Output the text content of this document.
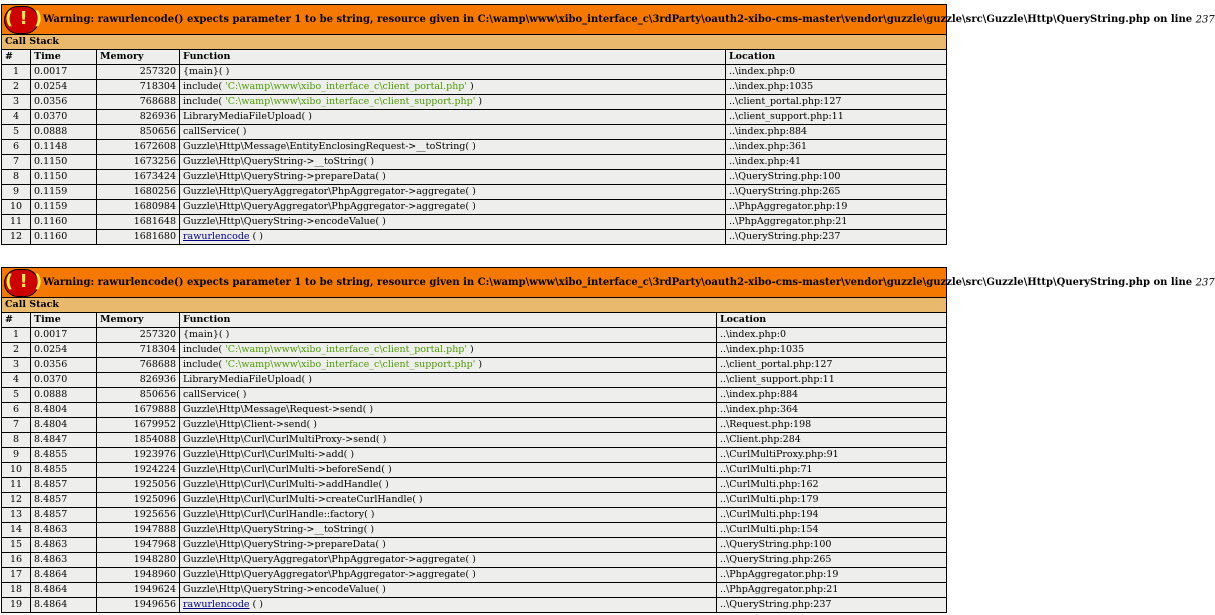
( ! )Warning: rawurlencode() expects parameter 1 to be string, resource given in C:\wamp\www\xibo_interface_c\3rdParty\oauth2-xibo-cms-master\vendor\guzzle\guzzle\src\Guzzle\Http\QueryString.php on line 237				
Call Stack				
#	Time	Memory	Function	Location
1	0.0017	257320	{main}( )	..\index.php:0
2	0.0254	718304	include( 'C:\wamp\www\xibo_interface_c\client_portal.php' )	..\index.php:1035
3	0.0356	768688	include( 'C:\wamp\www\xibo_interface_c\client_support.php' )	..\client_portal.php:127
4	0.0370	826936	LibraryMediaFileUpload( )	..\client_support.php:11
5	0.0888	850656	callService( )	..\index.php:884
6	0.1148	1672608	Guzzle\Http\Message\EntityEnclosingRequest->__toString( )	..\index.php:361
7	0.1150	1673256	Guzzle\Http\QueryString->__toString( )	..\index.php:41
8	0.1150	1673424	Guzzle\Http\QueryString->prepareData( )	..\QueryString.php:100
9	0.1159	1680256	Guzzle\Http\QueryAggregator\PhpAggregator->aggregate( )	..\QueryString.php:265
10	0.1159	1680984	Guzzle\Http\QueryAggregator\PhpAggregator->aggregate( )	..\PhpAggregator.php:19
11	0.1160	1681648	Guzzle\Http\QueryString->encodeValue( )	..\PhpAggregator.php:21
12	0.1160	1681680	rawurlencode ( )	..\QueryString.php:237
( ! )Warning: rawurlencode() expects parameter 1 to be string, resource given in C:\wamp\www\xibo_interface_c\3rdParty\oauth2-xibo-cms-master\vendor\guzzle\guzzle\src\Guzzle\Http\QueryString.php on line 237				
Call Stack				
#	Time	Memory	Function	Location
1	0.0017	257320	{main}( )	..\index.php:0
2	0.0254	718304	include( 'C:\wamp\www\xibo_interface_c\client_portal.php' )	..\index.php:1035
3	0.0356	768688	include( 'C:\wamp\www\xibo_interface_c\client_support.php' )	..\client_portal.php:127
4	0.0370	826936	LibraryMediaFileUpload( )	..\client_support.php:11
5	0.0888	850656	callService( )	..\index.php:884
6	8.4804	1679888	Guzzle\Http\Message\Request->send( )	..\index.php:364
7	8.4804	1679952	Guzzle\Http\Client->send( )	..\Request.php:198
8	8.4847	1854088	Guzzle\Http\Curl\CurlMultiProxy->send( )	..\Client.php:284
9	8.4855	1923976	Guzzle\Http\Curl\CurlMulti->add( )	..\CurlMultiProxy.php:91
10	8.4855	1924224	Guzzle\Http\Curl\CurlMulti->beforeSend( )	..\CurlMulti.php:71
11	8.4857	1925056	Guzzle\Http\Curl\CurlMulti->addHandle( )	..\CurlMulti.php:162
12	8.4857	1925096	Guzzle\Http\Curl\CurlMulti->createCurlHandle( )	..\CurlMulti.php:179
13	8.4857	1925656	Guzzle\Http\Curl\CurlHandle::factory( )	..\CurlMulti.php:194
14	8.4863	1947888	Guzzle\Http\QueryString->__toString( )	..\CurlMulti.php:154
15	8.4863	1947968	Guzzle\Http\QueryString->prepareData( )	..\QueryString.php:100
16	8.4863	1948280	Guzzle\Http\QueryAggregator\PhpAggregator->aggregate( )	..\QueryString.php:265
17	8.4864	1948960	Guzzle\Http\QueryAggregator\PhpAggregator->aggregate( )	..\PhpAggregator.php:19
18	8.4864	1949624	Guzzle\Http\QueryString->encodeValue( )	..\PhpAggregator.php:21
19	8.4864	1949656	rawurlencode ( )	..\QueryString.php:237
